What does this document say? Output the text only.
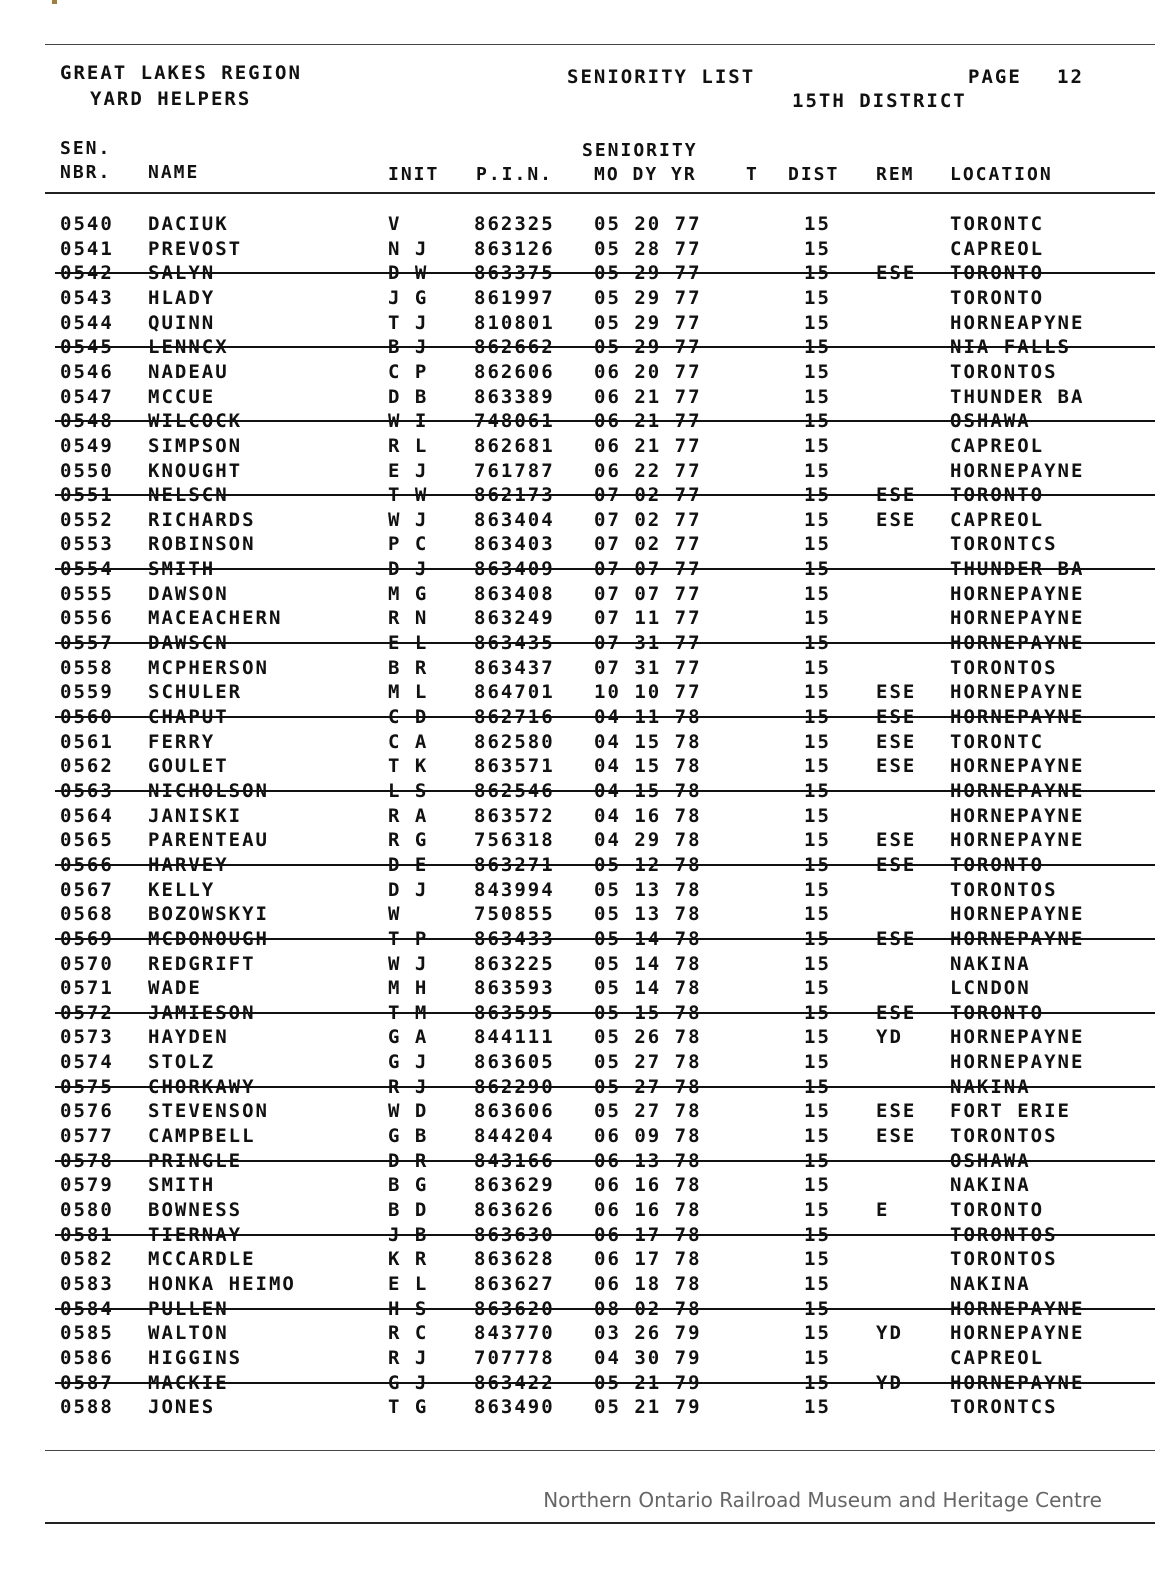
GREAT LAKES REGION
YARD HELPERS
SENIORITY LIST	PAGE 12
15TH DISTRICT
SEN.
NBR. NAME	INIT P.I.N.
SENIORITY
MO DY YR	T DIST REM LOCATION
0540 DACIUK	V	862325 05 20 77	15	TORONTC
0541 PREVOST	N J 863126 05 28 77	15	CAPREOL
0542 SALYN	D W 863375 05 29 77	15 ESE TORONTO
0543 HLADY	J G 861997 05 29 77	15	TORONTO
0544 QUINN	T J 810801 05 29 77	15	HORNEAPYNE
0545 LENNCX	B J 862662 05 29 77	15	NIA FALLS
0546 NADEAU	C P 862606 06 20 77	15	TORONTOS
0547 MCCUE	D B 863389 06 21 77	15	THUNDER BA
0548 WILCOCK	W I 748061 06 21 77	15	OSHAWA
0549 SIMPSON	R L 862681 06 21 77	15	CAPREOL
0550 KNOUGHT	E J 761787 06 22 77	15	HORNEPAYNE
0551 NELSCN	T W 862173 07 02 77	15 ESE TORONTO
0552 RICHARDS	W J 863404 07 02 77	15 ESE CAPREOL
0553 ROBINSON	P C 863403 07 02 77	15	TORONTCS
0554 SMITH	D J 863409 07 07 77	15	THUNDER BA
0555 DAWSON	M G 863408 07 07 77	15	HORNEPAYNE
0556 MACEACHERN	R N 863249 07 11 77	15	HORNEPAYNE
0557 DAWSCN	E L 863435 07 31 77	15	HORNEPAYNE
0558 MCPHERSON	B R 863437 07 31 77	15	TORONTOS
0559 SCHULER	M L 864701 10 10 77	15 ESE HORNEPAYNE
0560 CHAPUT	C D 862716 04 11 78	15 ESE HORNEPAYNE
0561 FERRY	C A 862580 04 15 78	15 ESE TORONTC
0562 GOULET	T K 863571 04 15 78	15 ESE HORNEPAYNE
0563 NICHOLSON	L S 862546 04 15 78	15	HORNEPAYNE
0564 JANISKI	R A 863572 04 16 78	15	HORNEPAYNE
0565 PARENTEAU	R G 756318 04 29 78	15 ESE HORNEPAYNE
0566 HARVEY	D E 863271 05 12 78	15 ESE TORONTO
0567 KELLY	D J 843994 05 13 78	15	TORONTOS
0568 BOZOWSKYI	W	750855 05 13 78	15	HORNEPAYNE
0569 MCDONOUGH	T P 863433 05 14 78	15 ESE HORNEPAYNE
0570 REDGRIFT	W J 863225 05 14 78	15	NAKINA
0571 WADE	M H 863593 05 14 78	15	LCNDON
0572 JAMIESON	T M 863595 05 15 78	15 ESE TORONTO
0573 HAYDEN	G A 844111 05 26 78	15 YD HORNEPAYNE
0574 STOLZ	G J 863605 05 27 78	15	HORNEPAYNE
0575 CHORKAWY	R J 862290 05 27 78	15	NAKINA
0576 STEVENSON	W D 863606 05 27 78	15 ESE FORT ERIE
0577 CAMPBELL	G B 844204 06 09 78	15 ESE TORONTOS
0578 PRINGLE	D R 843166 06 13 78	15	OSHAWA
0579 SMITH	B G 863629 06 16 78	15	NAKINA
0580 BOWNESS	B D 863626 06 16 78	15 E	TORONTO
0581 TIERNAY	J B 863630 06 17 78	15	TORONTOS
0582 MCCARDLE	K R 863628 06 17 78	15	TORONTOS
0583 HONKA HEIMO	E L 863627 06 18 78	15	NAKINA
0584 PULLEN	H S 863620 08 02 78	15	HORNEPAYNE
0585 WALTON	R C 843770 03 26 79	15 YD HORNEPAYNE
0586 HIGGINS	R J 707778 04 30 79	15	CAPREOL
0587 MACKIE	G J 863422 05 21 79	15 YD HORNEPAYNE
0588 JONES	T G 863490 05 21 79	15	TORONTCS
Northern Ontario Railroad Museum and Heritage Centre
